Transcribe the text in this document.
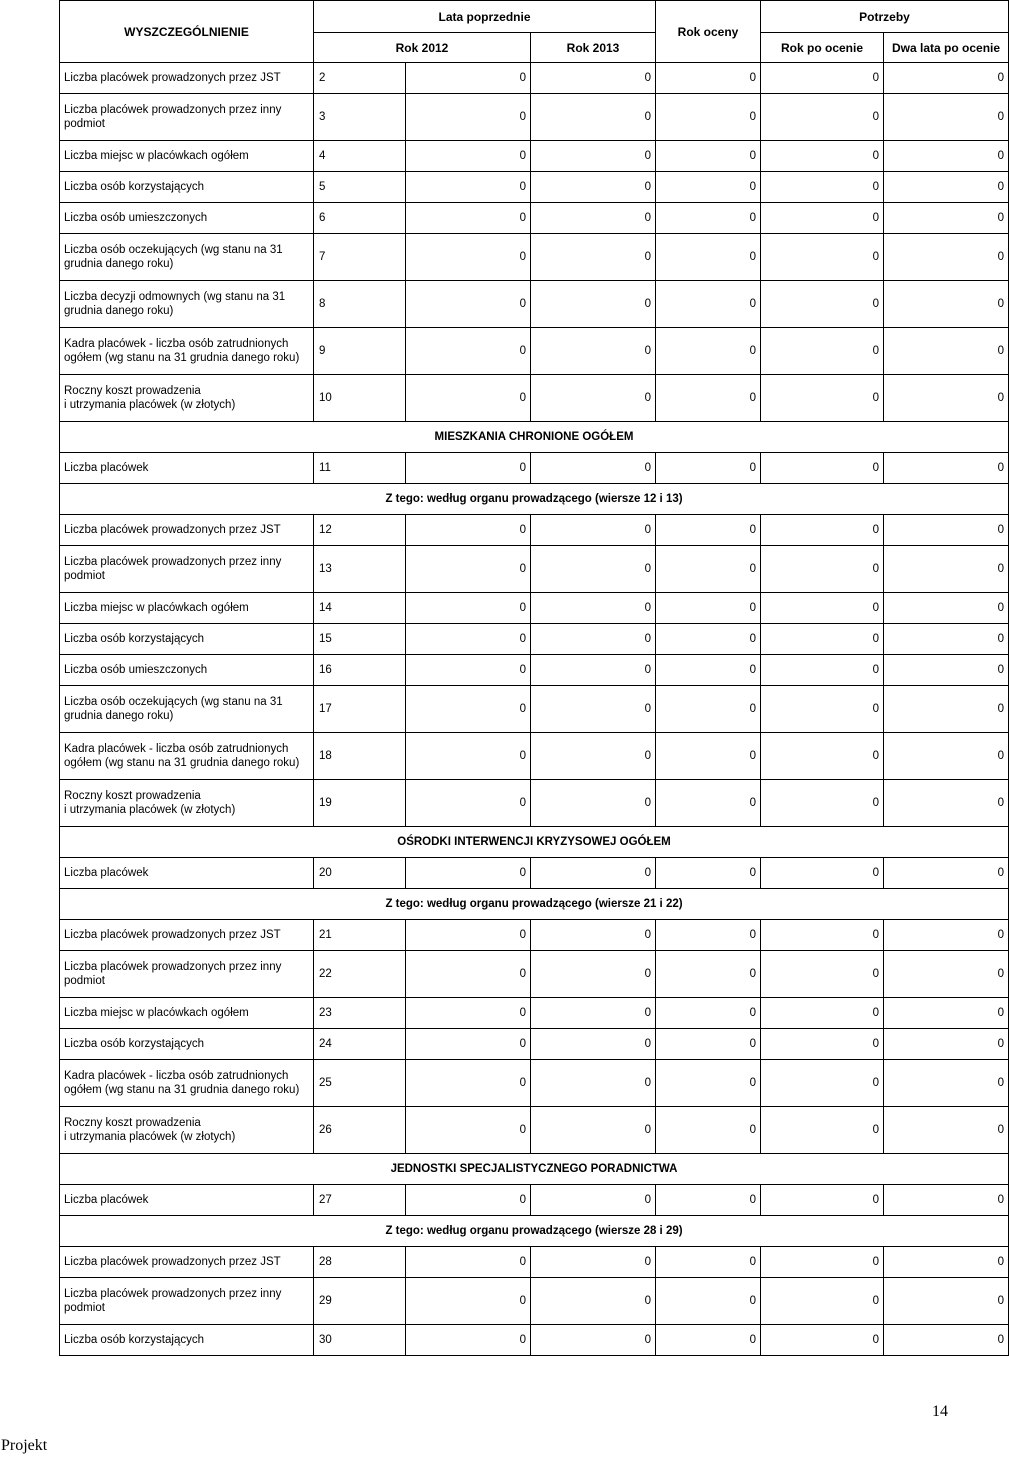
WYSZCZEGÓLNIENIE	Lata poprzednie			Rok oceny	Potrzeby	
	Rok 2012		Rok 2013		Rok po ocenie	Dwa lata po ocenie
Liczba placówek prowadzonych przez JST	2	0	0	0	0	0
Liczba placówek prowadzonych przez inny podmiot	3	0	0	0	0	0
Liczba miejsc w placówkach ogółem	4	0	0	0	0	0
Liczba osób korzystających	5	0	0	0	0	0
Liczba osób umieszczonych	6	0	0	0	0	0
Liczba osób oczekujących (wg stanu na 31 grudnia danego roku)	7	0	0	0	0	0
Liczba decyzji odmownych (wg stanu na 31 grudnia danego roku)	8	0	0	0	0	0
Kadra placówek - liczba osób zatrudnionych ogółem (wg stanu na 31 grudnia danego roku)	9	0	0	0	0	0
Roczny koszt prowadzenia
i utrzymania placówek (w złotych)	10	0	0	0	0	0
MIESZKANIA CHRONIONE OGÓŁEM						
Liczba placówek	11	0	0	0	0	0
Z tego: według organu prowadzącego (wiersze 12 i 13)						
Liczba placówek prowadzonych przez JST	12	0	0	0	0	0
Liczba placówek prowadzonych przez inny podmiot	13	0	0	0	0	0
Liczba miejsc w placówkach ogółem	14	0	0	0	0	0
Liczba osób korzystających	15	0	0	0	0	0
Liczba osób umieszczonych	16	0	0	0	0	0
Liczba osób oczekujących (wg stanu na 31 grudnia danego roku)	17	0	0	0	0	0
Kadra placówek - liczba osób zatrudnionych ogółem (wg stanu na 31 grudnia danego roku)	18	0	0	0	0	0
Roczny koszt prowadzenia
i utrzymania placówek (w złotych)	19	0	0	0	0	0
OŚRODKI INTERWENCJI KRYZYSOWEJ OGÓŁEM						
Liczba placówek	20	0	0	0	0	0
Z tego: według organu prowadzącego (wiersze 21 i 22)						
Liczba placówek prowadzonych przez JST	21	0	0	0	0	0
Liczba placówek prowadzonych przez inny podmiot	22	0	0	0	0	0
Liczba miejsc w placówkach ogółem	23	0	0	0	0	0
Liczba osób korzystających	24	0	0	0	0	0
Kadra placówek - liczba osób zatrudnionych ogółem (wg stanu na 31 grudnia danego roku)	25	0	0	0	0	0
Roczny koszt prowadzenia
i utrzymania placówek (w złotych)	26	0	0	0	0	0
JEDNOSTKI SPECJALISTYCZNEGO PORADNICTWA						
Liczba placówek	27	0	0	0	0	0
Z tego: według organu prowadzącego (wiersze 28 i 29)						
Liczba placówek prowadzonych przez JST	28	0	0	0	0	0
Liczba placówek prowadzonych przez inny podmiot	29	0	0	0	0	0
Liczba osób korzystających	30	0	0	0	0	0
14
Projekt
